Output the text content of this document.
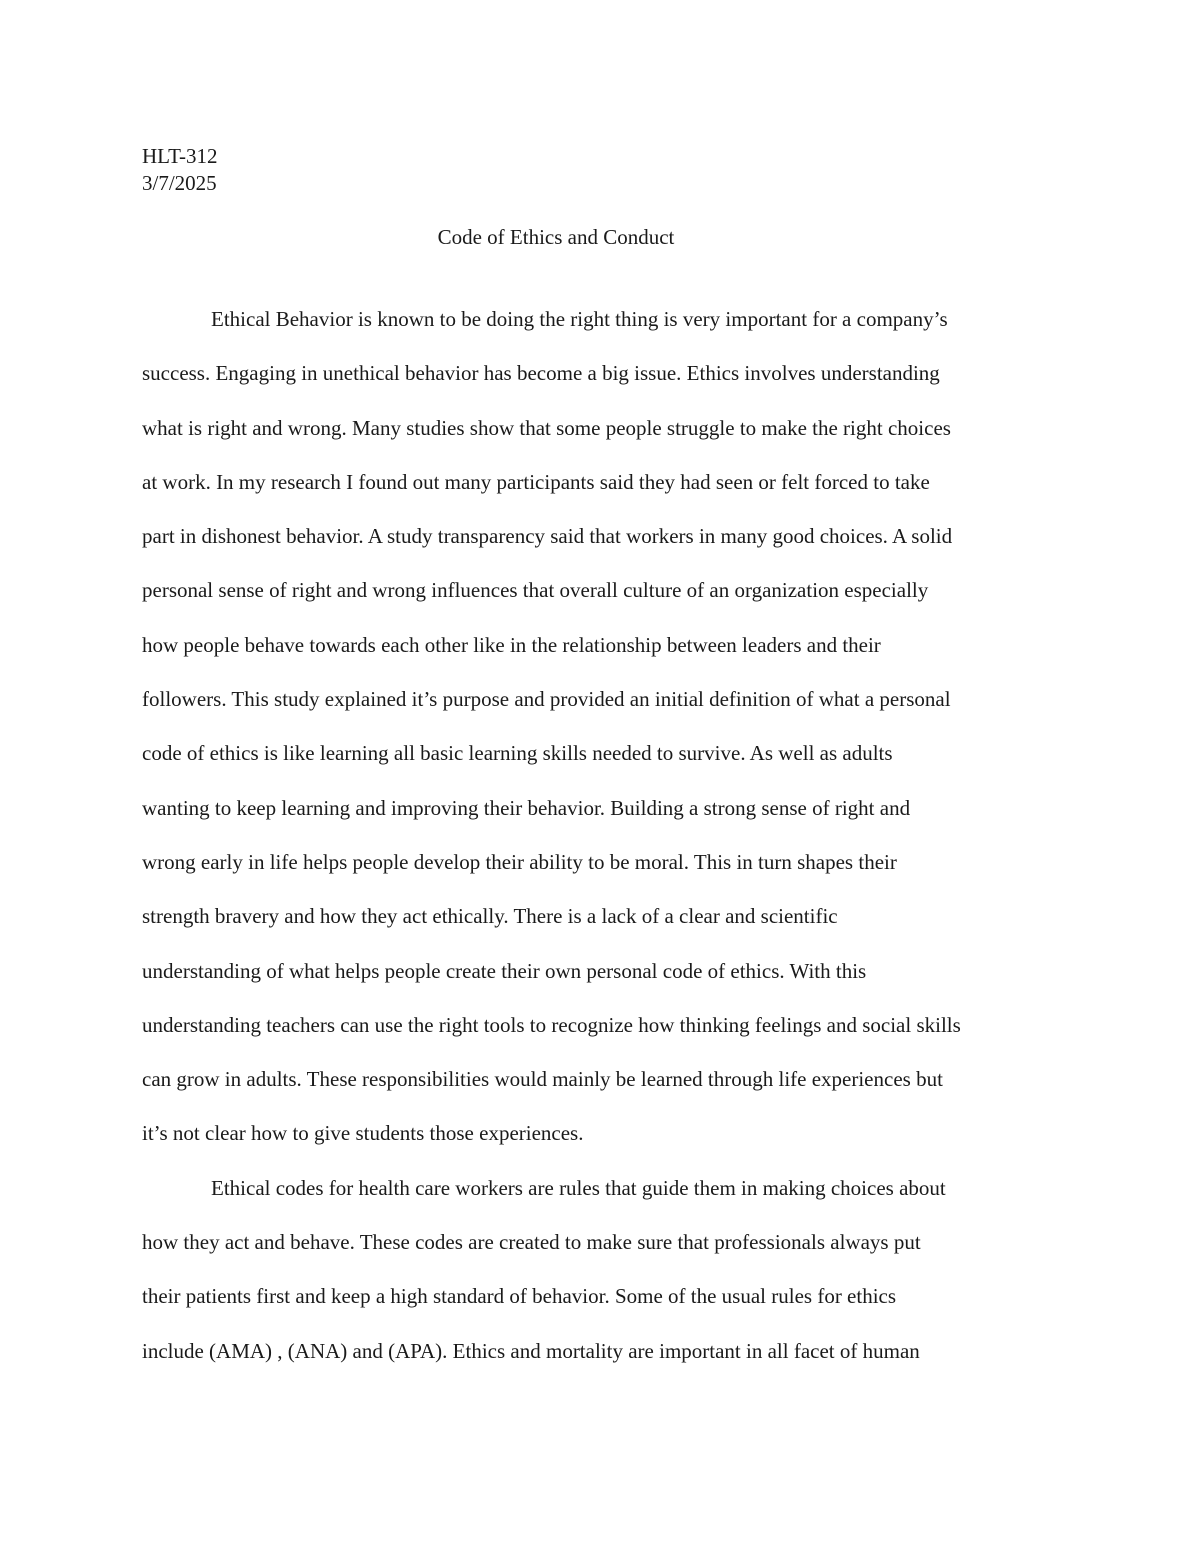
HLT-312
3/7/2025
Code of Ethics and Conduct
Ethical Behavior is known to be doing the right thing is very important for a company’s
success. Engaging in unethical behavior has become a big issue. Ethics involves understanding
what is right and wrong. Many studies show that some people struggle to make the right choices
at work. In my research I found out many participants said they had seen or felt forced to take
part in dishonest behavior. A study transparency said that workers in many good choices. A solid
personal sense of right and wrong influences that overall culture of an organization especially
how people behave towards each other like in the relationship between leaders and their
followers. This study explained it’s purpose and provided an initial definition of what a personal
code of ethics is like learning all basic learning skills needed to survive. As well as adults
wanting to keep learning and improving their behavior. Building a strong sense of right and
wrong early in life helps people develop their ability to be moral. This in turn shapes their
strength bravery and how they act ethically. There is a lack of a clear and scientific
understanding of what helps people create their own personal code of ethics. With this
understanding teachers can use the right tools to recognize how thinking feelings and social skills
can grow in adults. These responsibilities would mainly be learned through life experiences but
it’s not clear how to give students those experiences.
Ethical codes for health care workers are rules that guide them in making choices about
how they act and behave. These codes are created to make sure that professionals always put
their patients first and keep a high standard of behavior. Some of the usual rules for ethics
include (AMA) , (ANA) and (APA). Ethics and mortality are important in all facet of human
